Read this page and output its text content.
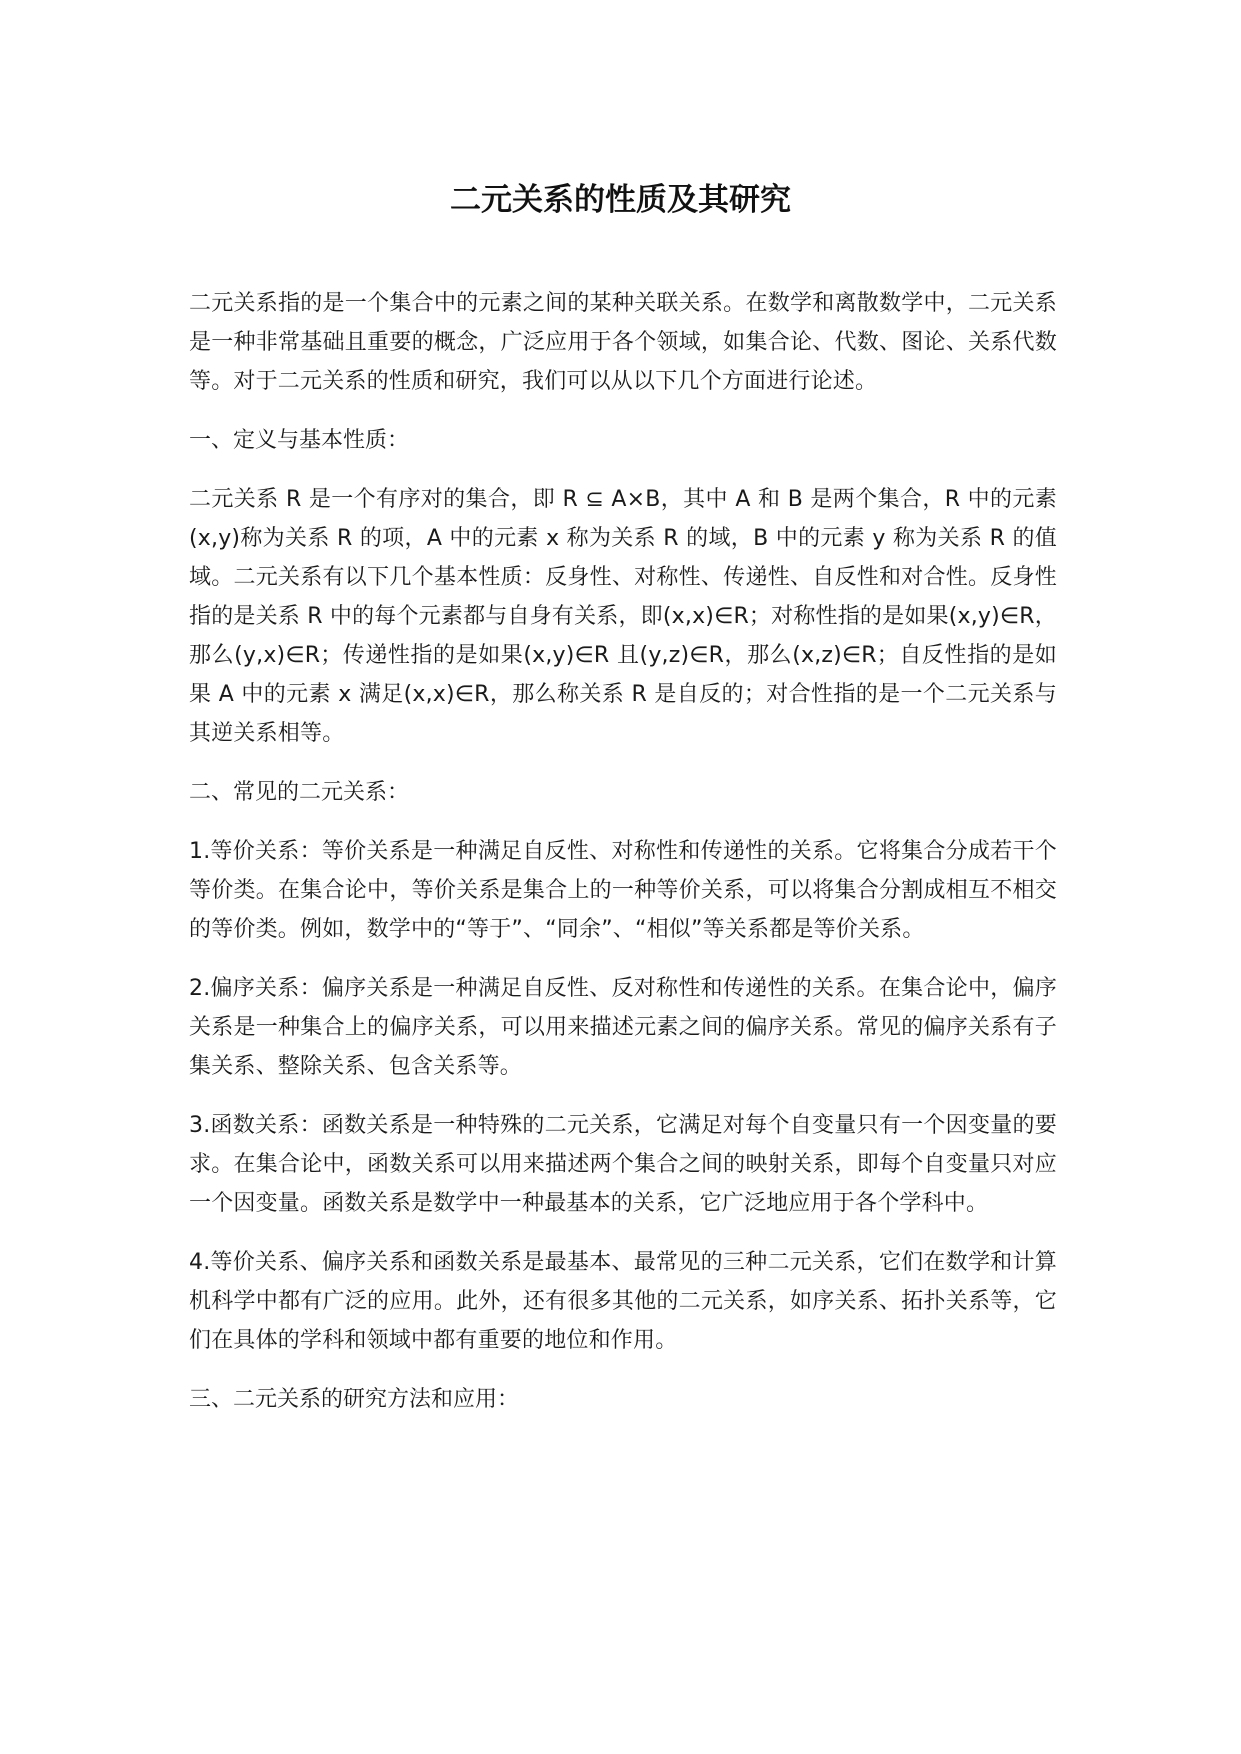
二元关系的性质及其研究

二元关系指的是一个集合中的元素之间的某种关联关系。在数学和离散数学中，二元关系是一种非常基础且重要的概念，广泛应用于各个领域，如集合论、代数、图论、关系代数等。对于二元关系的性质和研究，我们可以从以下几个方面进行论述。

一、定义与基本性质：

二元关系 R 是一个有序对的集合，即 R ⊆ A×B，其中 A 和 B 是两个集合，R 中的元素(x,y)称为关系 R 的项，A 中的元素 x 称为关系 R 的域，B 中的元素 y 称为关系 R 的值域。二元关系有以下几个基本性质：反身性、对称性、传递性、自反性和对合性。反身性指的是关系 R 中的每个元素都与自身有关系，即(x,x)∈R；对称性指的是如果(x,y)∈R，那么(y,x)∈R；传递性指的是如果(x,y)∈R 且(y,z)∈R，那么(x,z)∈R；自反性指的是如果 A 中的元素 x 满足(x,x)∈R，那么称关系 R 是自反的；对合性指的是一个二元关系与其逆关系相等。

二、常见的二元关系：

1.等价关系：等价关系是一种满足自反性、对称性和传递性的关系。它将集合分成若干个等价类。在集合论中，等价关系是集合上的一种等价关系，可以将集合分割成相互不相交的等价类。例如，数学中的“等于”、“同余”、“相似”等关系都是等价关系。

2.偏序关系：偏序关系是一种满足自反性、反对称性和传递性的关系。在集合论中，偏序关系是一种集合上的偏序关系，可以用来描述元素之间的偏序关系。常见的偏序关系有子集关系、整除关系、包含关系等。

3.函数关系：函数关系是一种特殊的二元关系，它满足对每个自变量只有一个因变量的要求。在集合论中，函数关系可以用来描述两个集合之间的映射关系，即每个自变量只对应一个因变量。函数关系是数学中一种最基本的关系，它广泛地应用于各个学科中。

4.等价关系、偏序关系和函数关系是最基本、最常见的三种二元关系，它们在数学和计算机科学中都有广泛的应用。此外，还有很多其他的二元关系，如序关系、拓扑关系等，它们在具体的学科和领域中都有重要的地位和作用。

三、二元关系的研究方法和应用：
